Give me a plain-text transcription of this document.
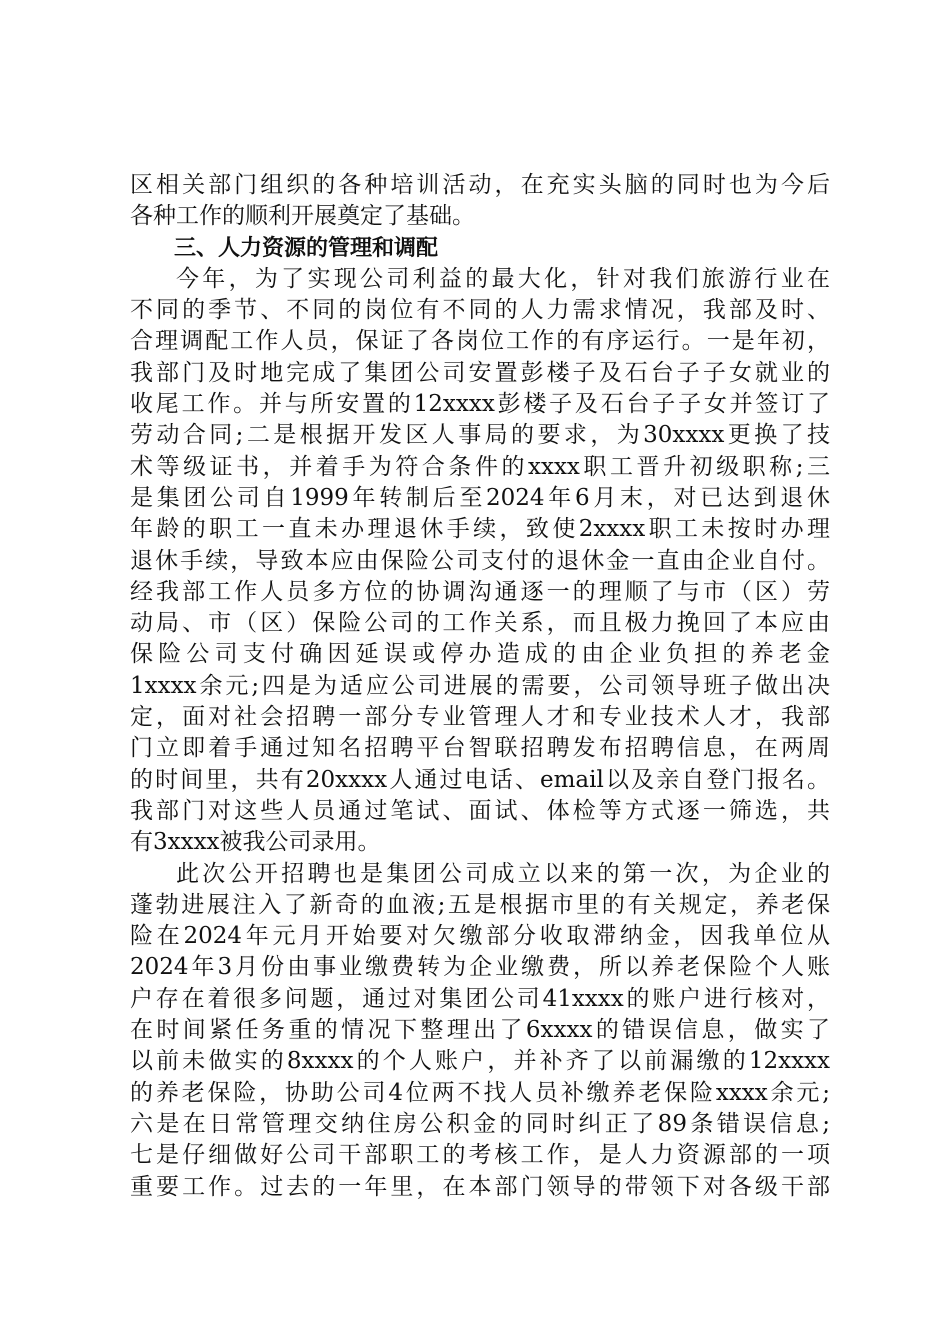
区相关部门组织的各种培训活动，在充实头脑的同时也为今后
各种工作的顺利开展奠定了基础。
三、人力资源的管理和调配
今年，为了实现公司利益的最大化，针对我们旅游行业在
不同的季节、不同的岗位有不同的人力需求情况，我部及时、
合理调配工作人员，保证了各岗位工作的有序运行。一是年初，
我部门及时地完成了集团公司安置彭楼子及石台子子女就业的
收尾工作。并与所安置的12xxxx彭楼子及石台子子女并签订了
劳动合同;二是根据开发区人事局的要求，为30xxxx更换了技
术等级证书，并着手为符合条件的xxxx职工晋升初级职称;三
是集团公司自1999年转制后至2024年6月末，对已达到退休
年龄的职工一直未办理退休手续，致使2xxxx职工未按时办理
退休手续，导致本应由保险公司支付的退休金一直由企业自付。
经我部工作人员多方位的协调沟通逐一的理顺了与市（区）劳
动局、市（区）保险公司的工作关系，而且极力挽回了本应由
保险公司支付确因延误或停办造成的由企业负担的养老金
1xxxx余元;四是为适应公司进展的需要，公司领导班子做出决
定，面对社会招聘一部分专业管理人才和专业技术人才，我部
门立即着手通过知名招聘平台智联招聘发布招聘信息，在两周
的时间里，共有20xxxx人通过电话、email以及亲自登门报名。
我部门对这些人员通过笔试、面试、体检等方式逐一筛选，共
有3xxxx被我公司录用。
此次公开招聘也是集团公司成立以来的第一次，为企业的
蓬勃进展注入了新奇的血液;五是根据市里的有关规定，养老保
险在2024年元月开始要对欠缴部分收取滞纳金，因我单位从
2024年3月份由事业缴费转为企业缴费，所以养老保险个人账
户存在着很多问题，通过对集团公司41xxxx的账户进行核对，
在时间紧任务重的情况下整理出了6xxxx的错误信息，做实了
以前未做实的8xxxx的个人账户，并补齐了以前漏缴的12xxxx
的养老保险，协助公司4位两不找人员补缴养老保险xxxx余元;
六是在日常管理交纳住房公积金的同时纠正了89条错误信息;
七是仔细做好公司干部职工的考核工作，是人力资源部的一项
重要工作。过去的一年里，在本部门领导的带领下对各级干部
